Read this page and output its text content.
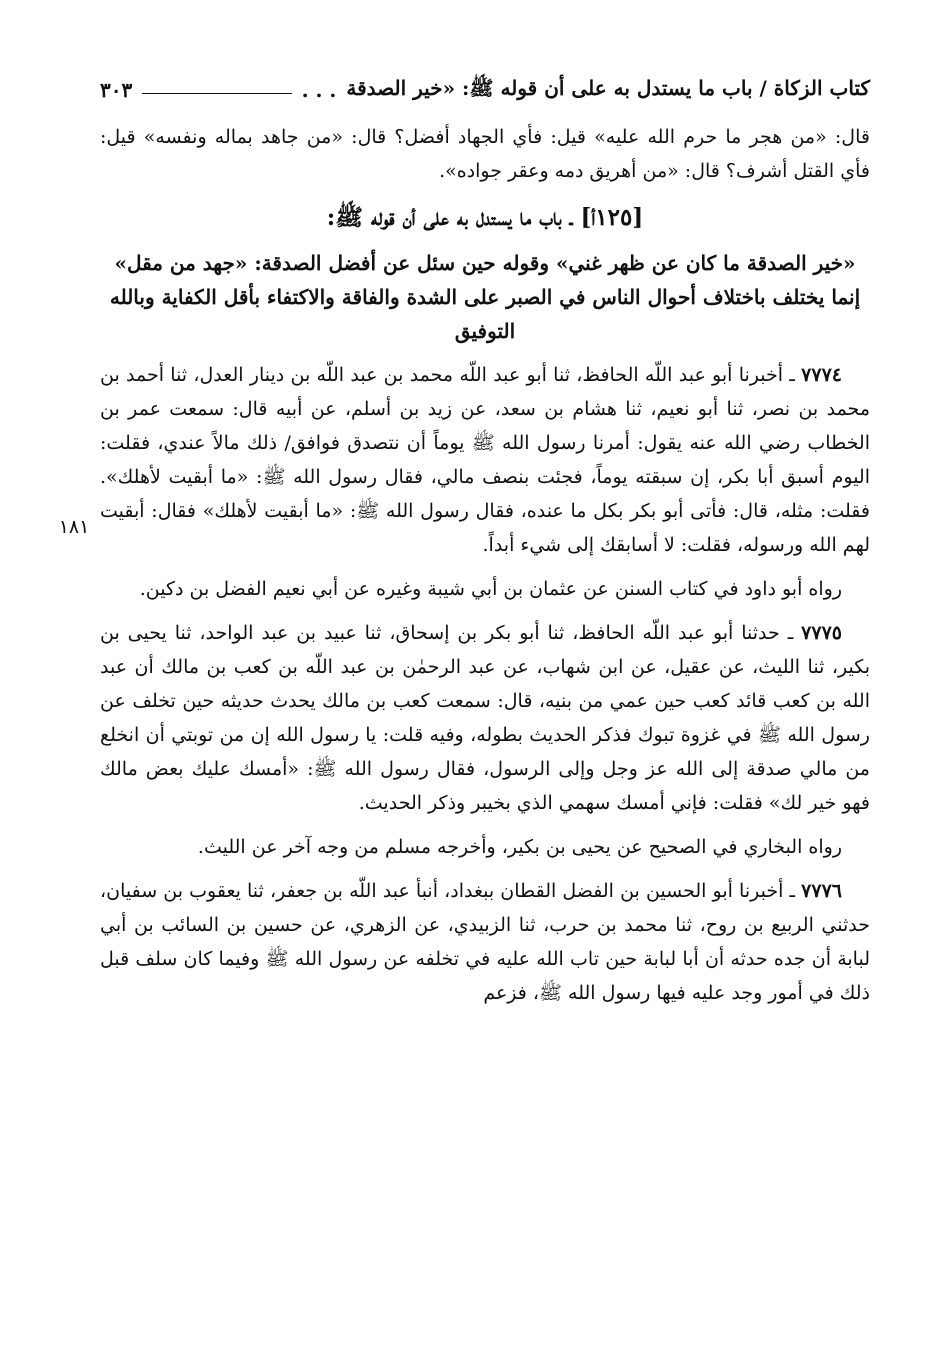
كتاب الزكاة / باب ما يستدل به على أن قوله ﷺ: «خير الصدقة
. . .
٣٠٣
١٨١

قال: «من هجر ما حرم الله عليه» قيل: فأي الجهاد أفضل؟ قال: «من جاهد بماله ونفسه» قيل: فأي القتل أشرف؟ قال: «من أهريق دمه وعقر جواده».

[١٢٥أ] ـ باب ما يستدل به على أن قوله ﷺ:
«خير الصدقة ما كان عن ظهر غني» وقوله حين سئل عن أفضل الصدقة: «جهد من مقل» إنما يختلف باختلاف أحوال الناس في الصبر على الشدة والفاقة والاكتفاء بأقل الكفاية وبالله التوفيق

٧٧٧٤ ـ أخبرنا أبو عبد اللّه الحافظ، ثنا أبو عبد اللّه محمد بن عبد اللّه بن دينار العدل، ثنا أحمد بن محمد بن نصر، ثنا أبو نعيم، ثنا هشام بن سعد، عن زيد بن أسلم، عن أبيه قال: سمعت عمر بن الخطاب رضي الله عنه يقول: أمرنا رسول الله ﷺ يوماً أن نتصدق فوافق/ ذلك مالاً عندي، فقلت: اليوم أسبق أبا بكر، إن سبقته يوماً، فجئت بنصف مالي، فقال رسول الله ﷺ: «ما أبقيت لأهلك». فقلت: مثله، قال: فأتى أبو بكر بكل ما عنده، فقال رسول الله ﷺ: «ما أبقيت لأهلك» فقال: أبقيت لهم الله ورسوله، فقلت: لا أسابقك إلى شيء أبداً.

رواه أبو داود في كتاب السنن عن عثمان بن أبي شيبة وغيره عن أبي نعيم الفضل بن دكين.

٧٧٧٥ ـ حدثنا أبو عبد اللّه الحافظ، ثنا أبو بكر بن إسحاق، ثنا عبيد بن عبد الواحد، ثنا يحيى بن بكير، ثنا الليث، عن عقيل، عن ابن شهاب، عن عبد الرحمٰن بن عبد اللّه بن كعب بن مالك أن عبد الله بن كعب قائد كعب حين عمي من بنيه، قال: سمعت كعب بن مالك يحدث حديثه حين تخلف عن رسول الله ﷺ في غزوة تبوك فذكر الحديث بطوله، وفيه قلت: يا رسول الله إن من توبتي أن انخلع من مالي صدقة إلى الله عز وجل وإلى الرسول، فقال رسول الله ﷺ: «أمسك عليك بعض مالك فهو خير لك» فقلت: فإني أمسك سهمي الذي بخيبر وذكر الحديث.

رواه البخاري في الصحيح عن يحيى بن بكير، وأخرجه مسلم من وجه آخر عن الليث.

٧٧٧٦ ـ أخبرنا أبو الحسين بن الفضل القطان ببغداد، أنبأ عبد اللّه بن جعفر، ثنا يعقوب بن سفيان، حدثني الربيع بن روح، ثنا محمد بن حرب، ثنا الزبيدي، عن الزهري، عن حسين بن السائب بن أبي لبابة أن جده حدثه أن أبا لبابة حين تاب الله عليه في تخلفه عن رسول الله ﷺ وفيما كان سلف قبل ذلك في أمور وجد عليه فيها رسول الله ﷺ، فزعم
